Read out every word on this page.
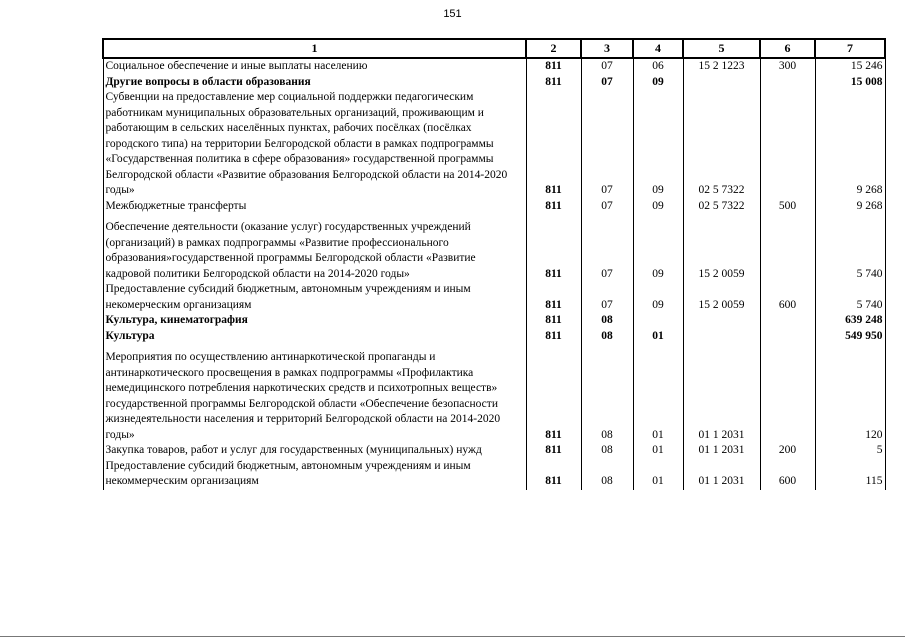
151
1	2	3	4	5	6	7
Социальное обеспечение и иные выплаты населению	811	07	06	15 2 1223	300	15 246
Другие вопросы в области образования	811	07	09			15 008
Субвенции на предоставление мер социальной поддержки педагогическим работникам муниципальных образовательных организаций, проживающим и работающим в сельских населённых пунктах, рабочих посёлках (посёлках городского типа) на территории Белгородской области в рамках подпрограммы «Государственная политика в сфере образования» государственной программы Белгородской области «Развитие образования Белгородской области на 2014-2020 годы»	811	07	09	02 5 7322		9 268
Межбюджетные трансферты	811	07	09	02 5 7322	500	9 268
Обеспечение деятельности (оказание услуг) государственных учреждений (организаций) в рамках подпрограммы «Развитие профессионального образования»государственной программы Белгородской области «Развитие кадровой политики Белгородской области на 2014-2020 годы»	811	07	09	15 2 0059		5 740
Предоставление субсидий бюджетным, автономным учреждениям и иным некомерческим организациям	811	07	09	15 2 0059	600	5 740
Культура, кинематография	811	08				639 248
Культура	811	08	01			549 950
Мероприятия по осуществлению антинаркотической пропаганды и антинаркотического просвещения в рамках подпрограммы «Профилактика немедицинского потребления наркотических средств и психотропных веществ» государственной программы Белгородской области «Обеспечение безопасности жизнедеятельности населения и территорий Белгородской области на 2014-2020 годы»	811	08	01	01 1 2031		120
Закупка товаров, работ и услуг для государственных (муниципальных) нужд	811	08	01	01 1 2031	200	5
Предоставление субсидий бюджетным, автономным учреждениям и иным некоммерческим организациям	811	08	01	01 1 2031	600	115
